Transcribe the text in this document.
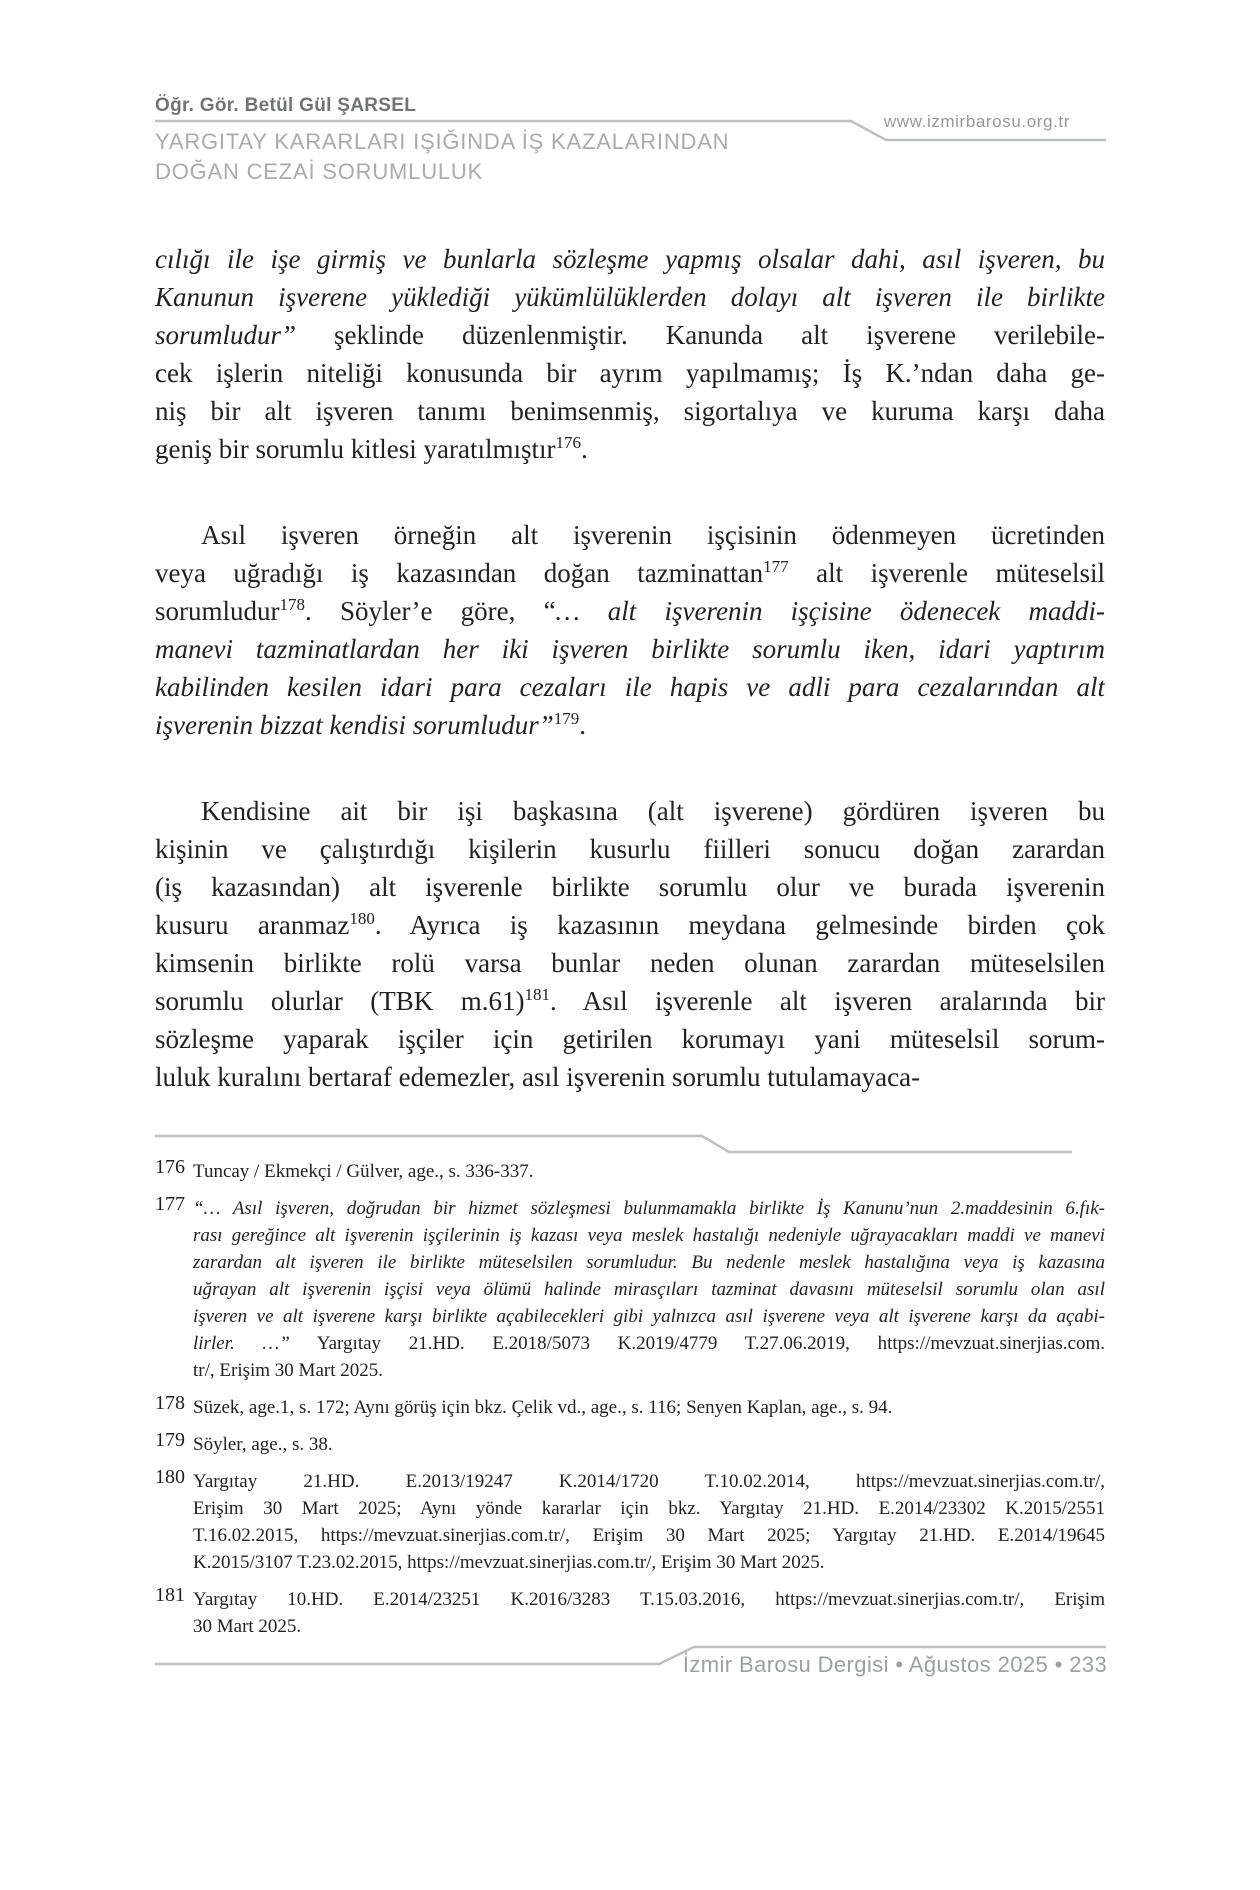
Öğr. Gör. Betül Gül ŞARSEL
YARGITAY KARARLARI IŞIĞINDA İŞ KAZALARINDAN
DOĞAN CEZAİ SORUMLULUK
www.izmirbarosu.org.tr
cılığı ile işe girmiş ve bunlarla sözleşme yapmış olsalar dahi, asıl işveren, bu
Kanunun işverene yüklediği yükümlülüklerden dolayı alt işveren ile birlikte
sorumludur” şeklinde düzenlenmiştir. Kanunda alt işverene verilebile-
cek işlerin niteliği konusunda bir ayrım yapılmamış; İş K.’ndan daha ge-
niş bir alt işveren tanımı benimsenmiş, sigortalıya ve kuruma karşı daha
geniş bir sorumlu kitlesi yaratılmıştır$^{176}$.
Asıl işveren örneğin alt işverenin işçisinin ödenmeyen ücretinden
veya uğradığı iş kazasından doğan tazminattan$^{177}$ alt işverenle müteselsil
sorumludur$^{178}$. Söyler’e göre, “… alt işverenin işçisine ödenecek maddi-
manevi tazminatlardan her iki işveren birlikte sorumlu iken, idari yaptırım
kabilinden kesilen idari para cezaları ile hapis ve adli para cezalarından alt
işverenin bizzat kendisi sorumludur”$^{179}$.
Kendisine ait bir işi başkasına (alt işverene) gördüren işveren bu
kişinin ve çalıştırdığı kişilerin kusurlu fiilleri sonucu doğan zarardan
(iş kazasından) alt işverenle birlikte sorumlu olur ve burada işverenin
kusuru aranmaz$^{180}$. Ayrıca iş kazasının meydana gelmesinde birden çok
kimsenin birlikte rolü varsa bunlar neden olunan zarardan müteselsilen
sorumlu olurlar (TBK m.61)$^{181}$. Asıl işverenle alt işveren aralarında bir
sözleşme yaparak işçiler için getirilen korumayı yani müteselsil sorum-
luluk kuralını bertaraf edemezler, asıl işverenin sorumlu tutulamayaca-
176 Tuncay / Ekmekçi / Gülver, age., s. 336-337.
177 “… Asıl işveren, doğrudan bir hizmet sözleşmesi bulunmamakla birlikte İş Kanunu’nun 2.maddesinin 6.fık-
rası gereğince alt işverenin işçilerinin iş kazası veya meslek hastalığı nedeniyle uğrayacakları maddi ve manevi
zarardan alt işveren ile birlikte müteselsilen sorumludur. Bu nedenle meslek hastalığına veya iş kazasına
uğrayan alt işverenin işçisi veya ölümü halinde mirasçıları tazminat davasını müteselsil sorumlu olan asıl
işveren ve alt işverene karşı birlikte açabilecekleri gibi yalnızca asıl işverene veya alt işverene karşı da açabi-
lirler. …” Yargıtay 21.HD. E.2018/5073 K.2019/4779 T.27.06.2019, https://mevzuat.sinerjias.com.
tr/, Erişim 30 Mart 2025.
178 Süzek, age.1, s. 172; Aynı görüş için bkz. Çelik vd., age., s. 116; Senyen Kaplan, age., s. 94.
179 Söyler, age., s. 38.
180 Yargıtay 21.HD. E.2013/19247 K.2014/1720 T.10.02.2014, https://mevzuat.sinerjias.com.tr/,
Erişim 30 Mart 2025; Aynı yönde kararlar için bkz. Yargıtay 21.HD. E.2014/23302 K.2015/2551
T.16.02.2015, https://mevzuat.sinerjias.com.tr/, Erişim 30 Mart 2025; Yargıtay 21.HD. E.2014/19645
K.2015/3107 T.23.02.2015, https://mevzuat.sinerjias.com.tr/, Erişim 30 Mart 2025.
181 Yargıtay 10.HD. E.2014/23251 K.2016/3283 T.15.03.2016, https://mevzuat.sinerjias.com.tr/, Erişim
30 Mart 2025.
İzmir Barosu Dergisi • Ağustos 2025 • 233
